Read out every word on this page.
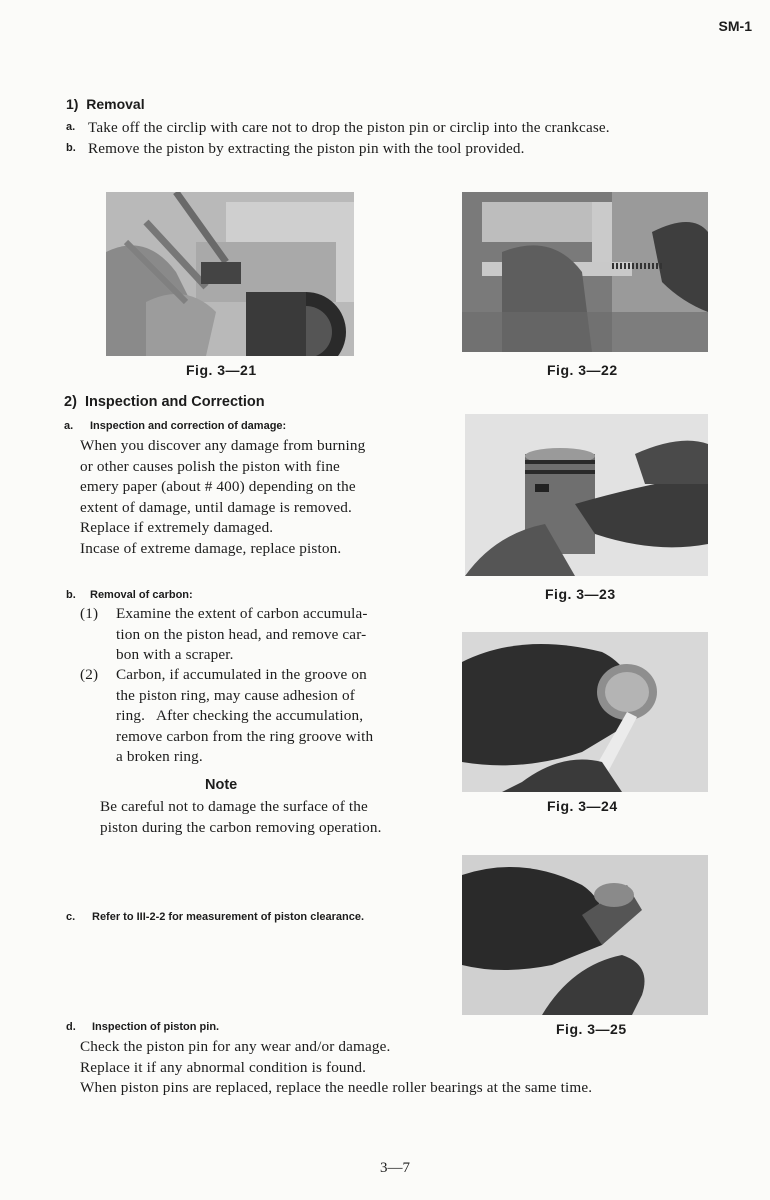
SM-1
1)  Removal
a. Take off the circlip with care not to drop the piston pin or circlip into the crankcase.
b. Remove the piston by extracting the piston pin with the tool provided.
Fig. 3—21	Fig. 3—22
2)  Inspection and Correction
a. Inspection and correction of damage:
When you discover any damage from burning
or other causes polish the piston with fine
emery paper (about # 400) depending on the
extent of damage, until damage is removed.
Replace if extremely damaged.
Incase of extreme damage, replace piston.
Fig. 3—23
b. Removal of carbon:
(1) Examine the extent of carbon accumula-
tion on the piston head, and remove car-
bon with a scraper.
(2) Carbon, if accumulated in the groove on
the piston ring, may cause adhesion of
ring.   After checking the accumulation,
remove carbon from the ring groove with
a broken ring.
Note
Be careful not to damage the surface of the
piston during the carbon removing operation.
Fig. 3—24
c. Refer to III-2-2 for measurement of piston clearance.
Fig. 3—25
d. Inspection of piston pin.
Check the piston pin for any wear and/or damage.
Replace it if any abnormal condition is found.
When piston pins are replaced, replace the needle roller bearings at the same time.
3—7
